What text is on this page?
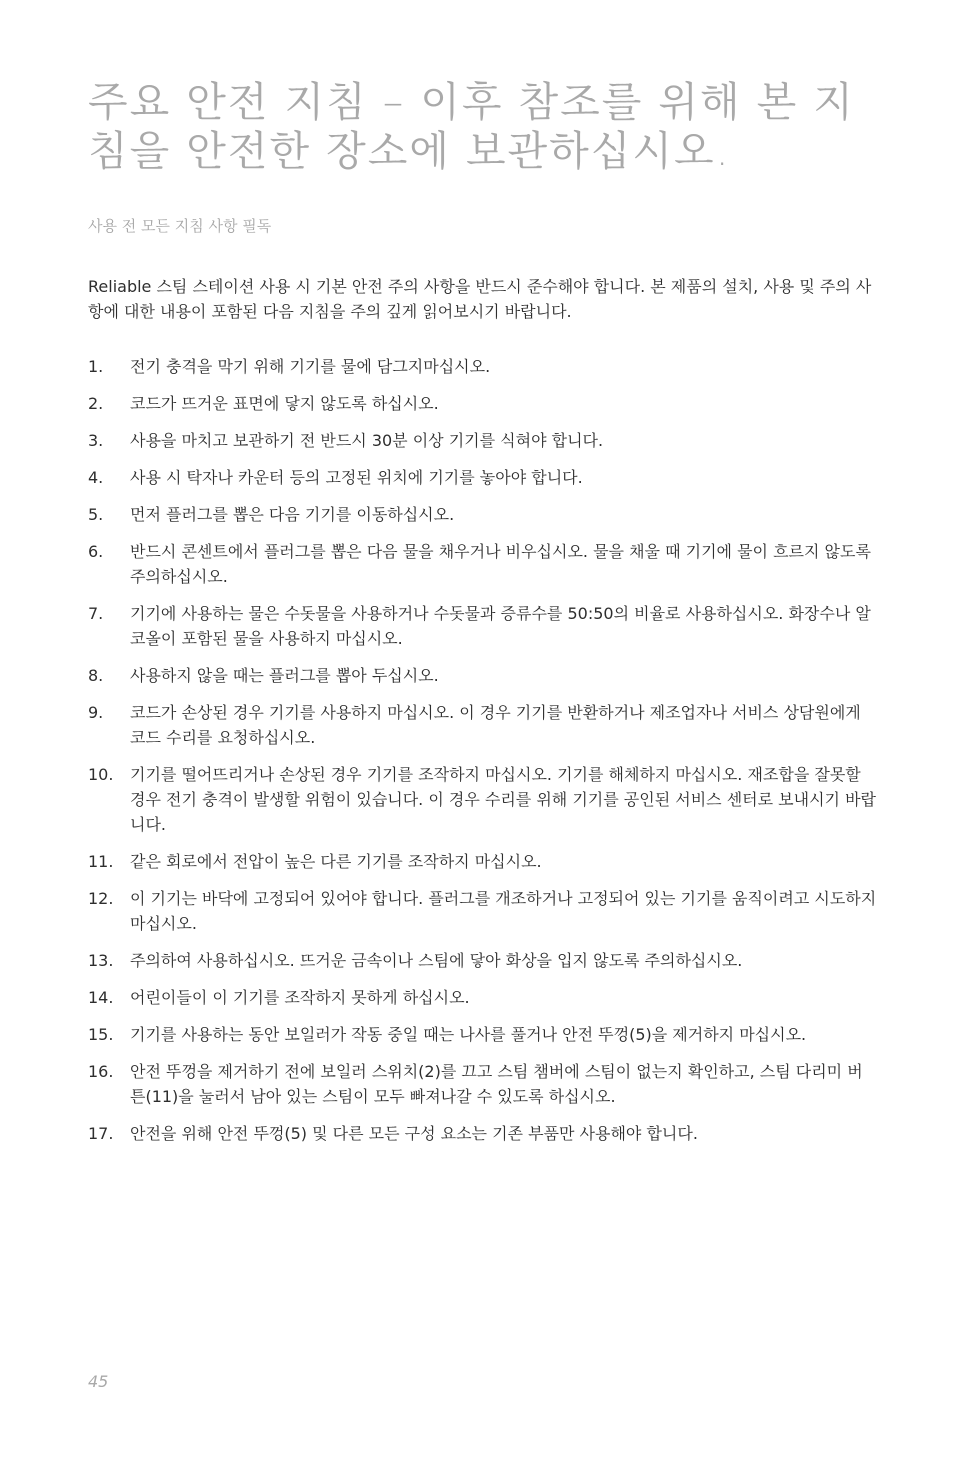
주요 안전 지침 – 이후 참조를 위해 본 지침을 안전한 장소에 보관하십시오.

사용 전 모든 지침 사항 필독

Reliable 스팀 스테이션 사용 시 기본 안전 주의 사항을 반드시 준수해야 합니다. 본 제품의 설치, 사용 및 주의 사항에 대한 내용이 포함된 다음 지침을 주의 깊게 읽어보시기 바랍니다.

1.	전기 충격을 막기 위해 기기를 물에 담그지마십시오.
2.	코드가 뜨거운 표면에 닿지 않도록 하십시오.
3.	사용을 마치고 보관하기 전 반드시 30분 이상 기기를 식혀야 합니다.
4.	사용 시 탁자나 카운터 등의 고정된 위치에 기기를 놓아야 합니다.
5.	먼저 플러그를 뽑은 다음 기기를 이동하십시오.
6.	반드시 콘센트에서 플러그를 뽑은 다음 물을 채우거나 비우십시오. 물을 채울 때 기기에 물이 흐르지 않도록 주의하십시오.
7.	기기에 사용하는 물은 수돗물을 사용하거나 수돗물과 증류수를 50:50의 비율로 사용하십시오. 화장수나 알코올이 포함된 물을 사용하지 마십시오.
8.	사용하지 않을 때는 플러그를 뽑아 두십시오.
9.	코드가 손상된 경우 기기를 사용하지 마십시오. 이 경우 기기를 반환하거나 제조업자나 서비스 상담원에게 코드 수리를 요청하십시오.
10.	기기를 떨어뜨리거나 손상된 경우 기기를 조작하지 마십시오. 기기를 해체하지 마십시오. 재조합을 잘못할 경우 전기 충격이 발생할 위험이 있습니다. 이 경우 수리를 위해 기기를 공인된 서비스 센터로 보내시기 바랍니다.
11.	같은 회로에서 전압이 높은 다른 기기를 조작하지 마십시오.
12.	이 기기는 바닥에 고정되어 있어야 합니다. 플러그를 개조하거나 고정되어 있는 기기를 움직이려고 시도하지 마십시오.
13.	주의하여 사용하십시오. 뜨거운 금속이나 스팀에 닿아 화상을 입지 않도록 주의하십시오.
14.	어린이들이 이 기기를 조작하지 못하게 하십시오.
15.	기기를 사용하는 동안 보일러가 작동 중일 때는 나사를 풀거나 안전 뚜껑(5)을 제거하지 마십시오.
16.	안전 뚜껑을 제거하기 전에 보일러 스위치(2)를 끄고 스팀 챔버에 스팀이 없는지 확인하고, 스팀 다리미 버튼(11)을 눌러서 남아 있는 스팀이 모두 빠져나갈 수 있도록 하십시오.
17.	안전을 위해 안전 뚜껑(5) 및 다른 모든 구성 요소는 기존 부품만 사용해야 합니다.

45
